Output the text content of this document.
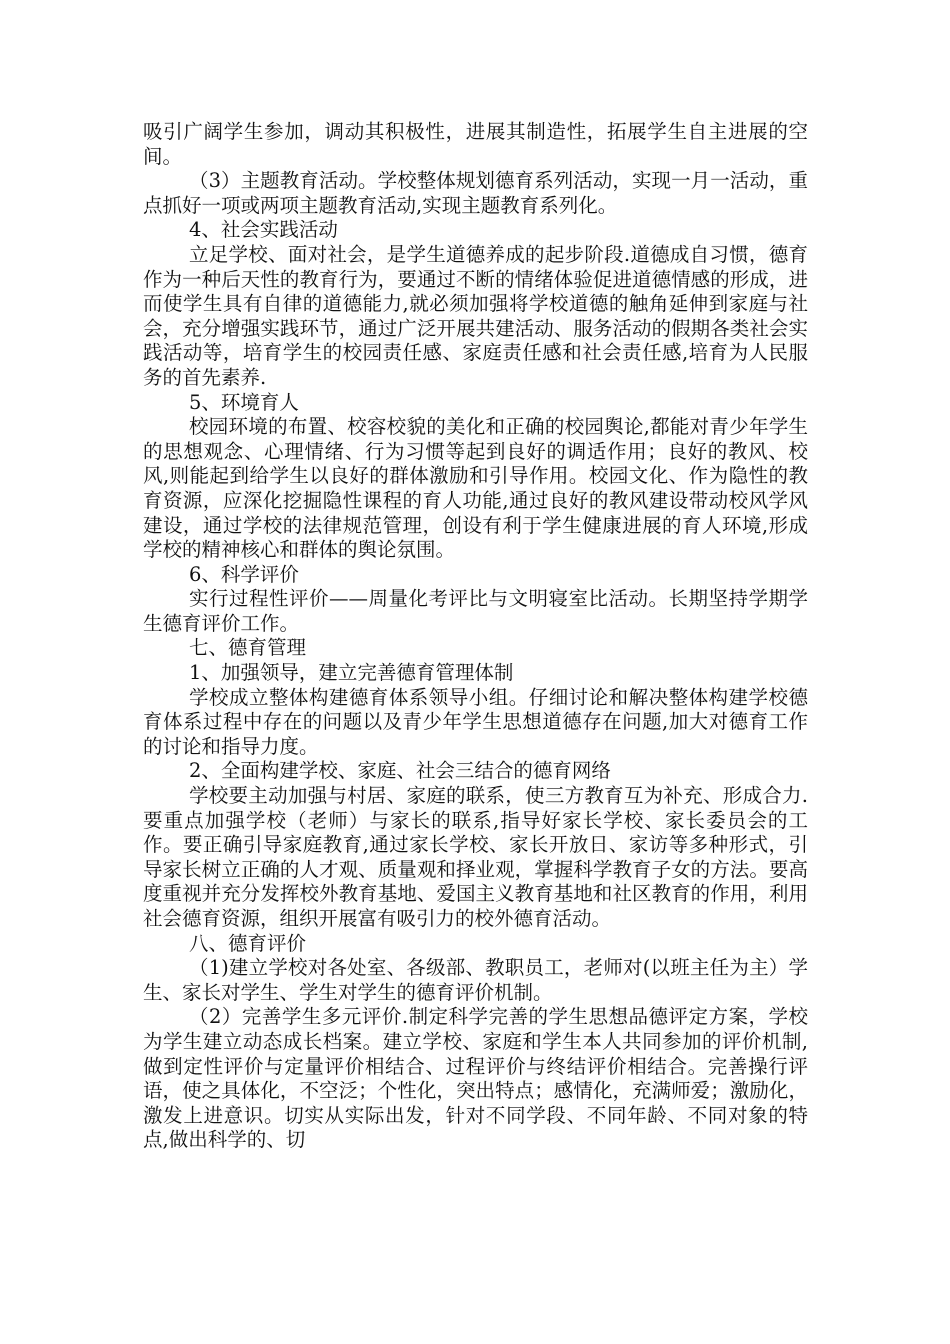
吸引广阔学生参加，调动其积极性，进展其制造性，拓展学生自主进展的空间。

（3）主题教育活动。学校整体规划德育系列活动，实现一月一活动，重点抓好一项或两项主题教育活动,实现主题教育系列化。

4、社会实践活动

立足学校、面对社会，是学生道德养成的起步阶段.道德成自习惯，德育作为一种后天性的教育行为，要通过不断的情绪体验促进道德情感的形成，进而使学生具有自律的道德能力,就必须加强将学校道德的触角延伸到家庭与社会，充分增强实践环节，通过广泛开展共建活动、服务活动的假期各类社会实践活动等，培育学生的校园责任感、家庭责任感和社会责任感,培育为人民服务的首先素养.

5、环境育人

校园环境的布置、校容校貌的美化和正确的校园舆论,都能对青少年学生的思想观念、心理情绪、行为习惯等起到良好的调适作用；良好的教风、校风,则能起到给学生以良好的群体激励和引导作用。校园文化、作为隐性的教育资源，应深化挖掘隐性课程的育人功能,通过良好的教风建设带动校风学风建设，通过学校的法律规范管理，创设有利于学生健康进展的育人环境,形成学校的精神核心和群体的舆论氛围。

6、科学评价

实行过程性评价——周量化考评比与文明寝室比活动。长期坚持学期学生德育评价工作。

七、德育管理

1、加强领导，建立完善德育管理体制

学校成立整体构建德育体系领导小组。仔细讨论和解决整体构建学校德育体系过程中存在的问题以及青少年学生思想道德存在问题,加大对德育工作的讨论和指导力度。

2、全面构建学校、家庭、社会三结合的德育网络

学校要主动加强与村居、家庭的联系，使三方教育互为补充、形成合力.要重点加强学校（老师）与家长的联系,指导好家长学校、家长委员会的工作。要正确引导家庭教育,通过家长学校、家长开放日、家访等多种形式，引导家长树立正确的人才观、质量观和择业观，掌握科学教育子女的方法。要高度重视并充分发挥校外教育基地、爱国主义教育基地和社区教育的作用，利用社会德育资源，组织开展富有吸引力的校外德育活动。

八、德育评价

（1)建立学校对各处室、各级部、教职员工，老师对(以班主任为主）学生、家长对学生、学生对学生的德育评价机制。

（2）完善学生多元评价.制定科学完善的学生思想品德评定方案，学校为学生建立动态成长档案。建立学校、家庭和学生本人共同参加的评价机制,做到定性评价与定量评价相结合、过程评价与终结评价相结合。完善操行评语，使之具体化，不空泛；个性化，突出特点；感情化，充满师爱；激励化，激发上进意识。切实从实际出发，针对不同学段、不同年龄、不同对象的特点,做出科学的、切
